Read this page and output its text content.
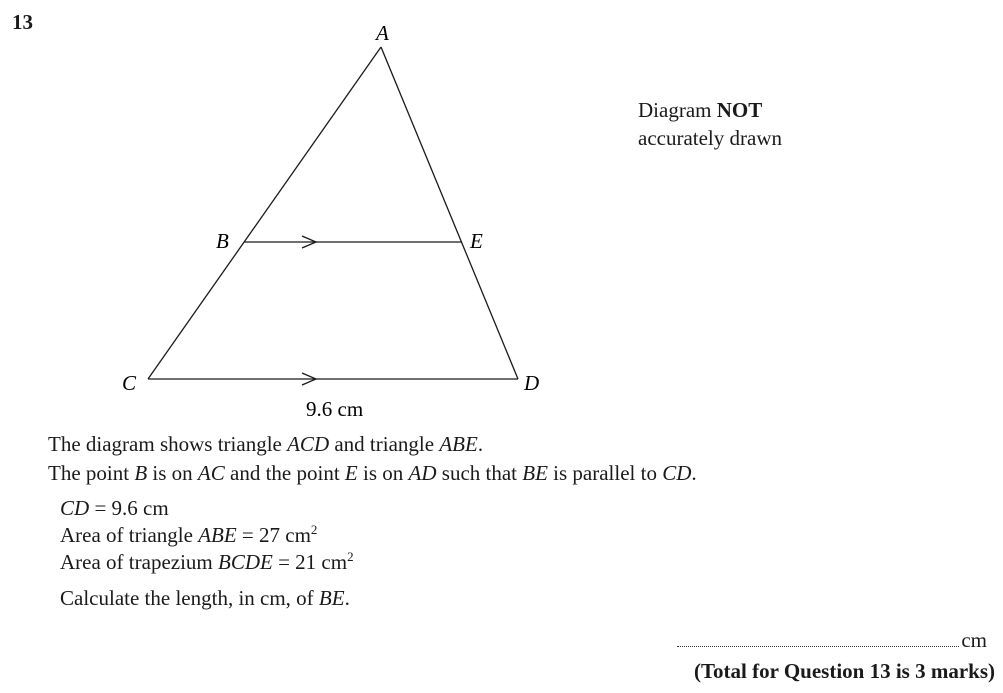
13	A
B
C	D
E
9.6 cm
Diagram NOT
accurately drawn
The diagram shows triangle ACD and triangle ABE.
The point B is on AC and the point E is on AD such that BE is parallel to CD.
CD = 9.6 cm
Area of triangle ABE = 27 $cm^2$
Area of trapezium BCDE = 21 $cm^2$
Calculate the length, in cm, of BE.
cm
(Total for Question 13 is 3 marks)
